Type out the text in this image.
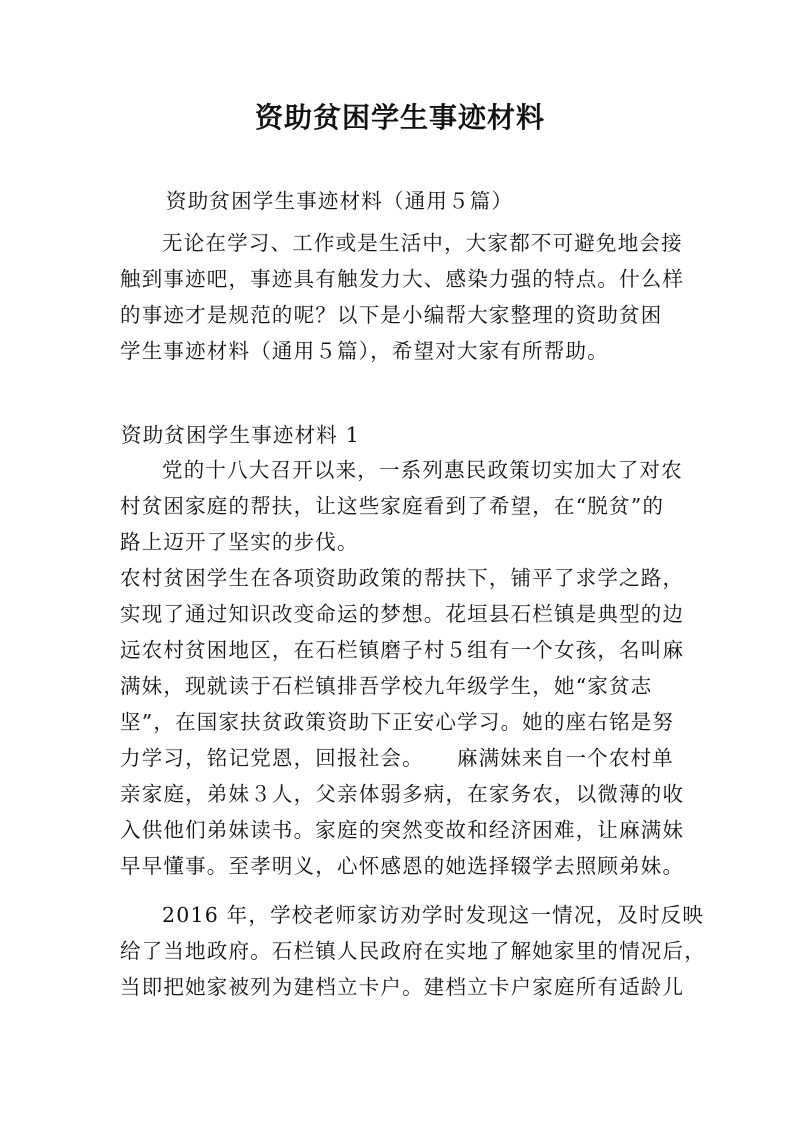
资助贫困学生事迹材料

资助贫困学生事迹材料（通用５篇）

无论在学习、工作或是生活中，大家都不可避免地会接

触到事迹吧，事迹具有触发力大、感染力强的特点。什么样

的事迹才是规范的呢？以下是小编帮大家整理的资助贫困

学生事迹材料（通用５篇），希望对大家有所帮助。

资助贫困学生事迹材料 1

党的十八大召开以来，一系列惠民政策切实加大了对农

村贫困家庭的帮扶，让这些家庭看到了希望，在“脱贫”的

路上迈开了坚实的步伐。

农村贫困学生在各项资助政策的帮扶下，铺平了求学之路，

实现了通过知识改变命运的梦想。花垣县石栏镇是典型的边

远农村贫困地区，在石栏镇磨子村５组有一个女孩，名叫麻

满妹，现就读于石栏镇排吾学校九年级学生，她“家贫志

坚”，在国家扶贫政策资助下正安心学习。她的座右铭是努

力学习，铭记党恩，回报社会。　　麻满妹来自一个农村单

亲家庭，弟妹３人，父亲体弱多病，在家务农，以微薄的收

入供他们弟妹读书。家庭的突然变故和经济困难，让麻满妹

早早懂事。至孝明义，心怀感恩的她选择辍学去照顾弟妹。

2016 年，学校老师家访劝学时发现这一情况，及时反映

给了当地政府。石栏镇人民政府在实地了解她家里的情况后，

当即把她家被列为建档立卡户。建档立卡户家庭所有适龄儿
